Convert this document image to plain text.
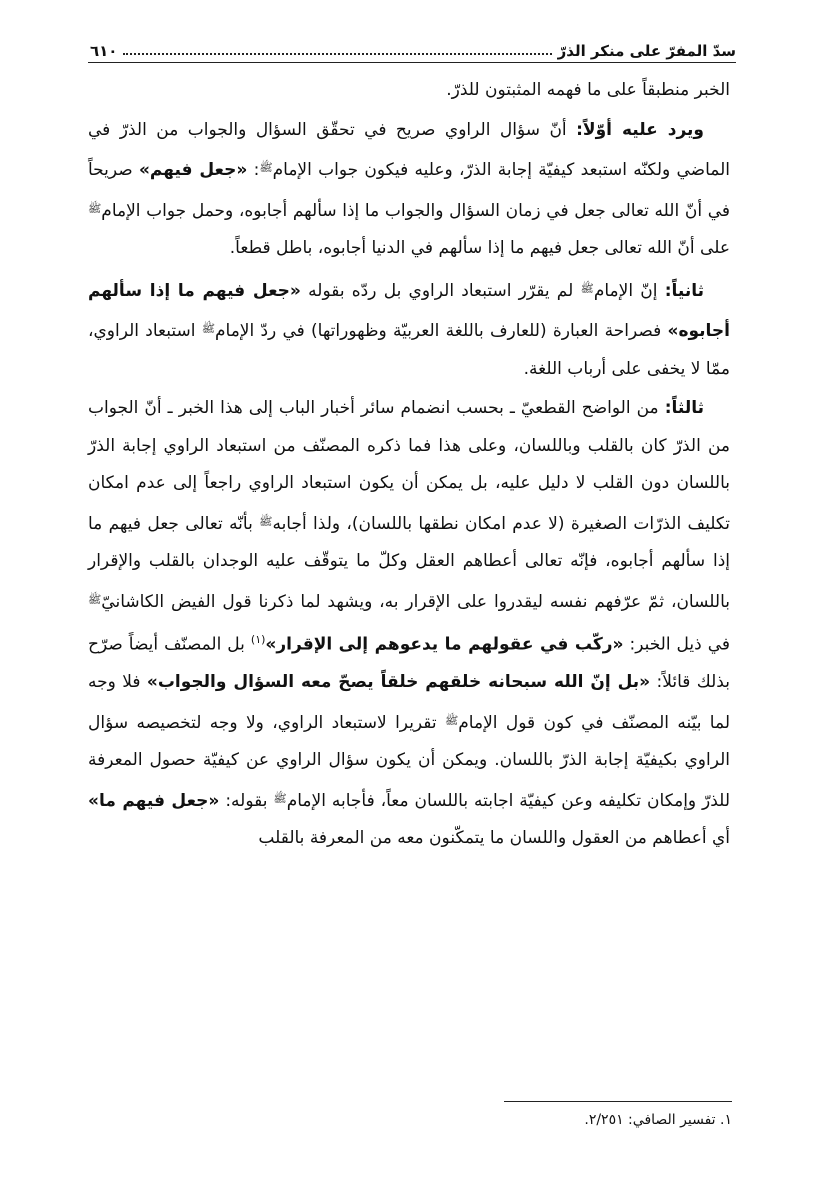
سدّ المفرّ على منكر الذرّ
٦١٠

الخبر منطبقاً على ما فهمه المثبتون للذرّ.

ويرد عليه أوّلاً: أنّ سؤال الراوي صريح في تحقّق السؤال والجواب من الذرّ في الماضي ولكنّه استبعد كيفيّة إجابة الذرّ، وعليه فيكون جواب الإمام$^ﷺ$: «جعل فيهم» صريحاً في أنّ الله تعالى جعل في زمان السؤال والجواب ما إذا سألهم أجابوه، وحمل جواب الإمام$^ﷺ$ على أنّ الله تعالى جعل فيهم ما إذا سألهم في الدنيا أجابوه، باطل قطعاً.

ثانياً: إنّ الإمام$^ﷺ$ لم يقرّر استبعاد الراوي بل ردّه بقوله «جعل فيهم ما إذا سألهم أجابوه» فصراحة العبارة (للعارف باللغة العربيّة وظهوراتها) في ردّ الإمام$^ﷺ$ استبعاد الراوي، ممّا لا يخفى على أرباب اللغة.

ثالثاً: من الواضح القطعيّ ـ بحسب انضمام سائر أخبار الباب إلى هذا الخبر ـ أنّ الجواب من الذرّ كان بالقلب وباللسان، وعلى هذا فما ذكره المصنّف من استبعاد الراوي إجابة الذرّ باللسان دون القلب لا دليل عليه، بل يمكن أن يكون استبعاد الراوي راجعاً إلى عدم امكان تكليف الذرّات الصغيرة (لا عدم امكان نطقها باللسان)، ولذا أجابه$^ﷺ$ بأنّه تعالى جعل فيهم ما إذا سألهم أجابوه، فإنّه تعالى أعطاهم العقل وكلّ ما يتوقّف عليه الوجدان بالقلب والإقرار باللسان، ثمّ عرّفهم نفسه ليقدروا على الإقرار به، ويشهد لما ذكرنا قول الفيض الكاشانيّ$^ﷺ$ في ذيل الخبر: «ركّب في عقولهم ما يدعوهم إلى الإقرار»$^{(١)}$ بل المصنّف أيضاً صرّح بذلك قائلاً: «بل إنّ الله سبحانه خلقهم خلقاً يصحّ معه السؤال والجواب» فلا وجه لما بيّنه المصنّف في كون قول الإمام$^ﷺ$ تقريرا لاستبعاد الراوي، ولا وجه لتخصيصه سؤال الراوي بكيفيّة إجابة الذرّ باللسان. ويمكن أن يكون سؤال الراوي عن كيفيّة حصول المعرفة للذرّ وإمكان تكليفه وعن كيفيّة اجابته باللسان معاً، فأجابه الإمام$^ﷺ$ بقوله: «جعل فيهم ما» أي أعطاهم من العقول واللسان ما يتمكّنون معه من المعرفة بالقلب

١. تفسير الصافي: ٢/٢٥١.
